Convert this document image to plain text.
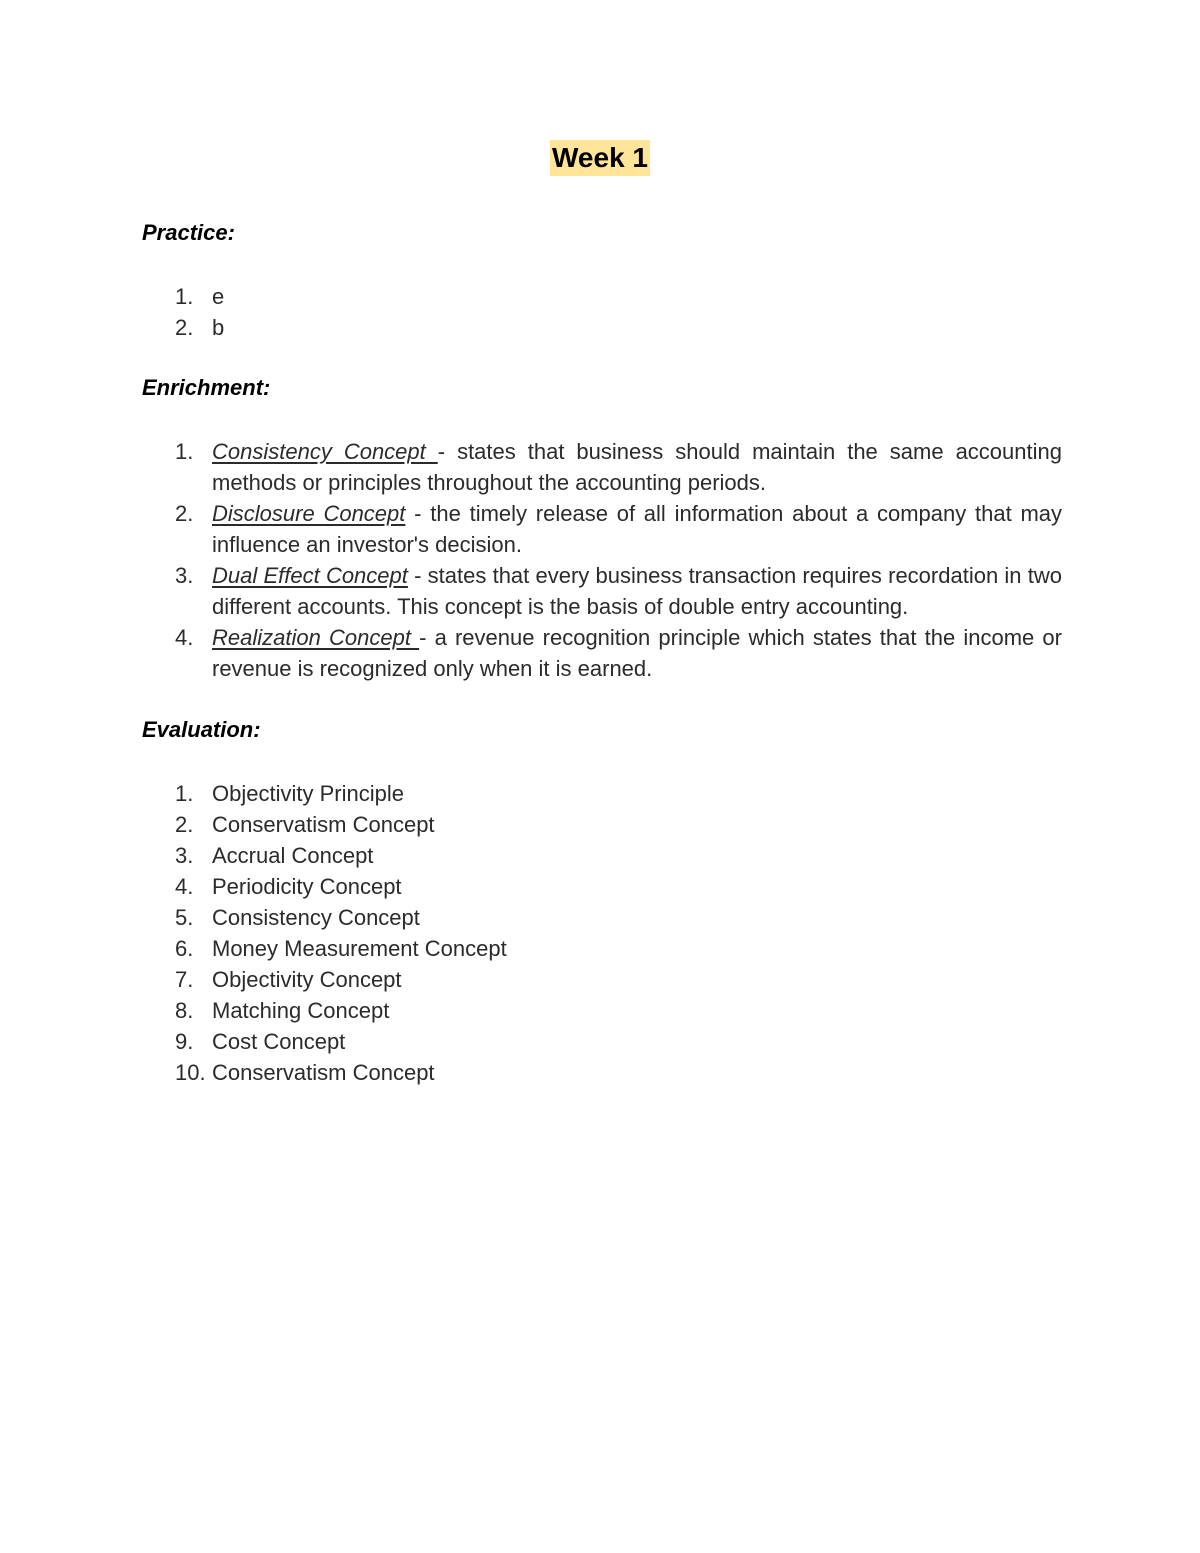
Week 1

Practice:

1. e
2. b

Enrichment:

1. Consistency Concept - states that business should maintain the same accounting methods or principles throughout the accounting periods.
2. Disclosure Concept - the timely release of all information about a company that may influence an investor's decision.
3. Dual Effect Concept - states that every business transaction requires recordation in two different accounts. This concept is the basis of double entry accounting.
4. Realization Concept - a revenue recognition principle which states that the income or revenue is recognized only when it is earned.

Evaluation:

1. Objectivity Principle
2. Conservatism Concept
3. Accrual Concept
4. Periodicity Concept
5. Consistency Concept
6. Money Measurement Concept
7. Objectivity Concept
8. Matching Concept
9. Cost Concept
10. Conservatism Concept
